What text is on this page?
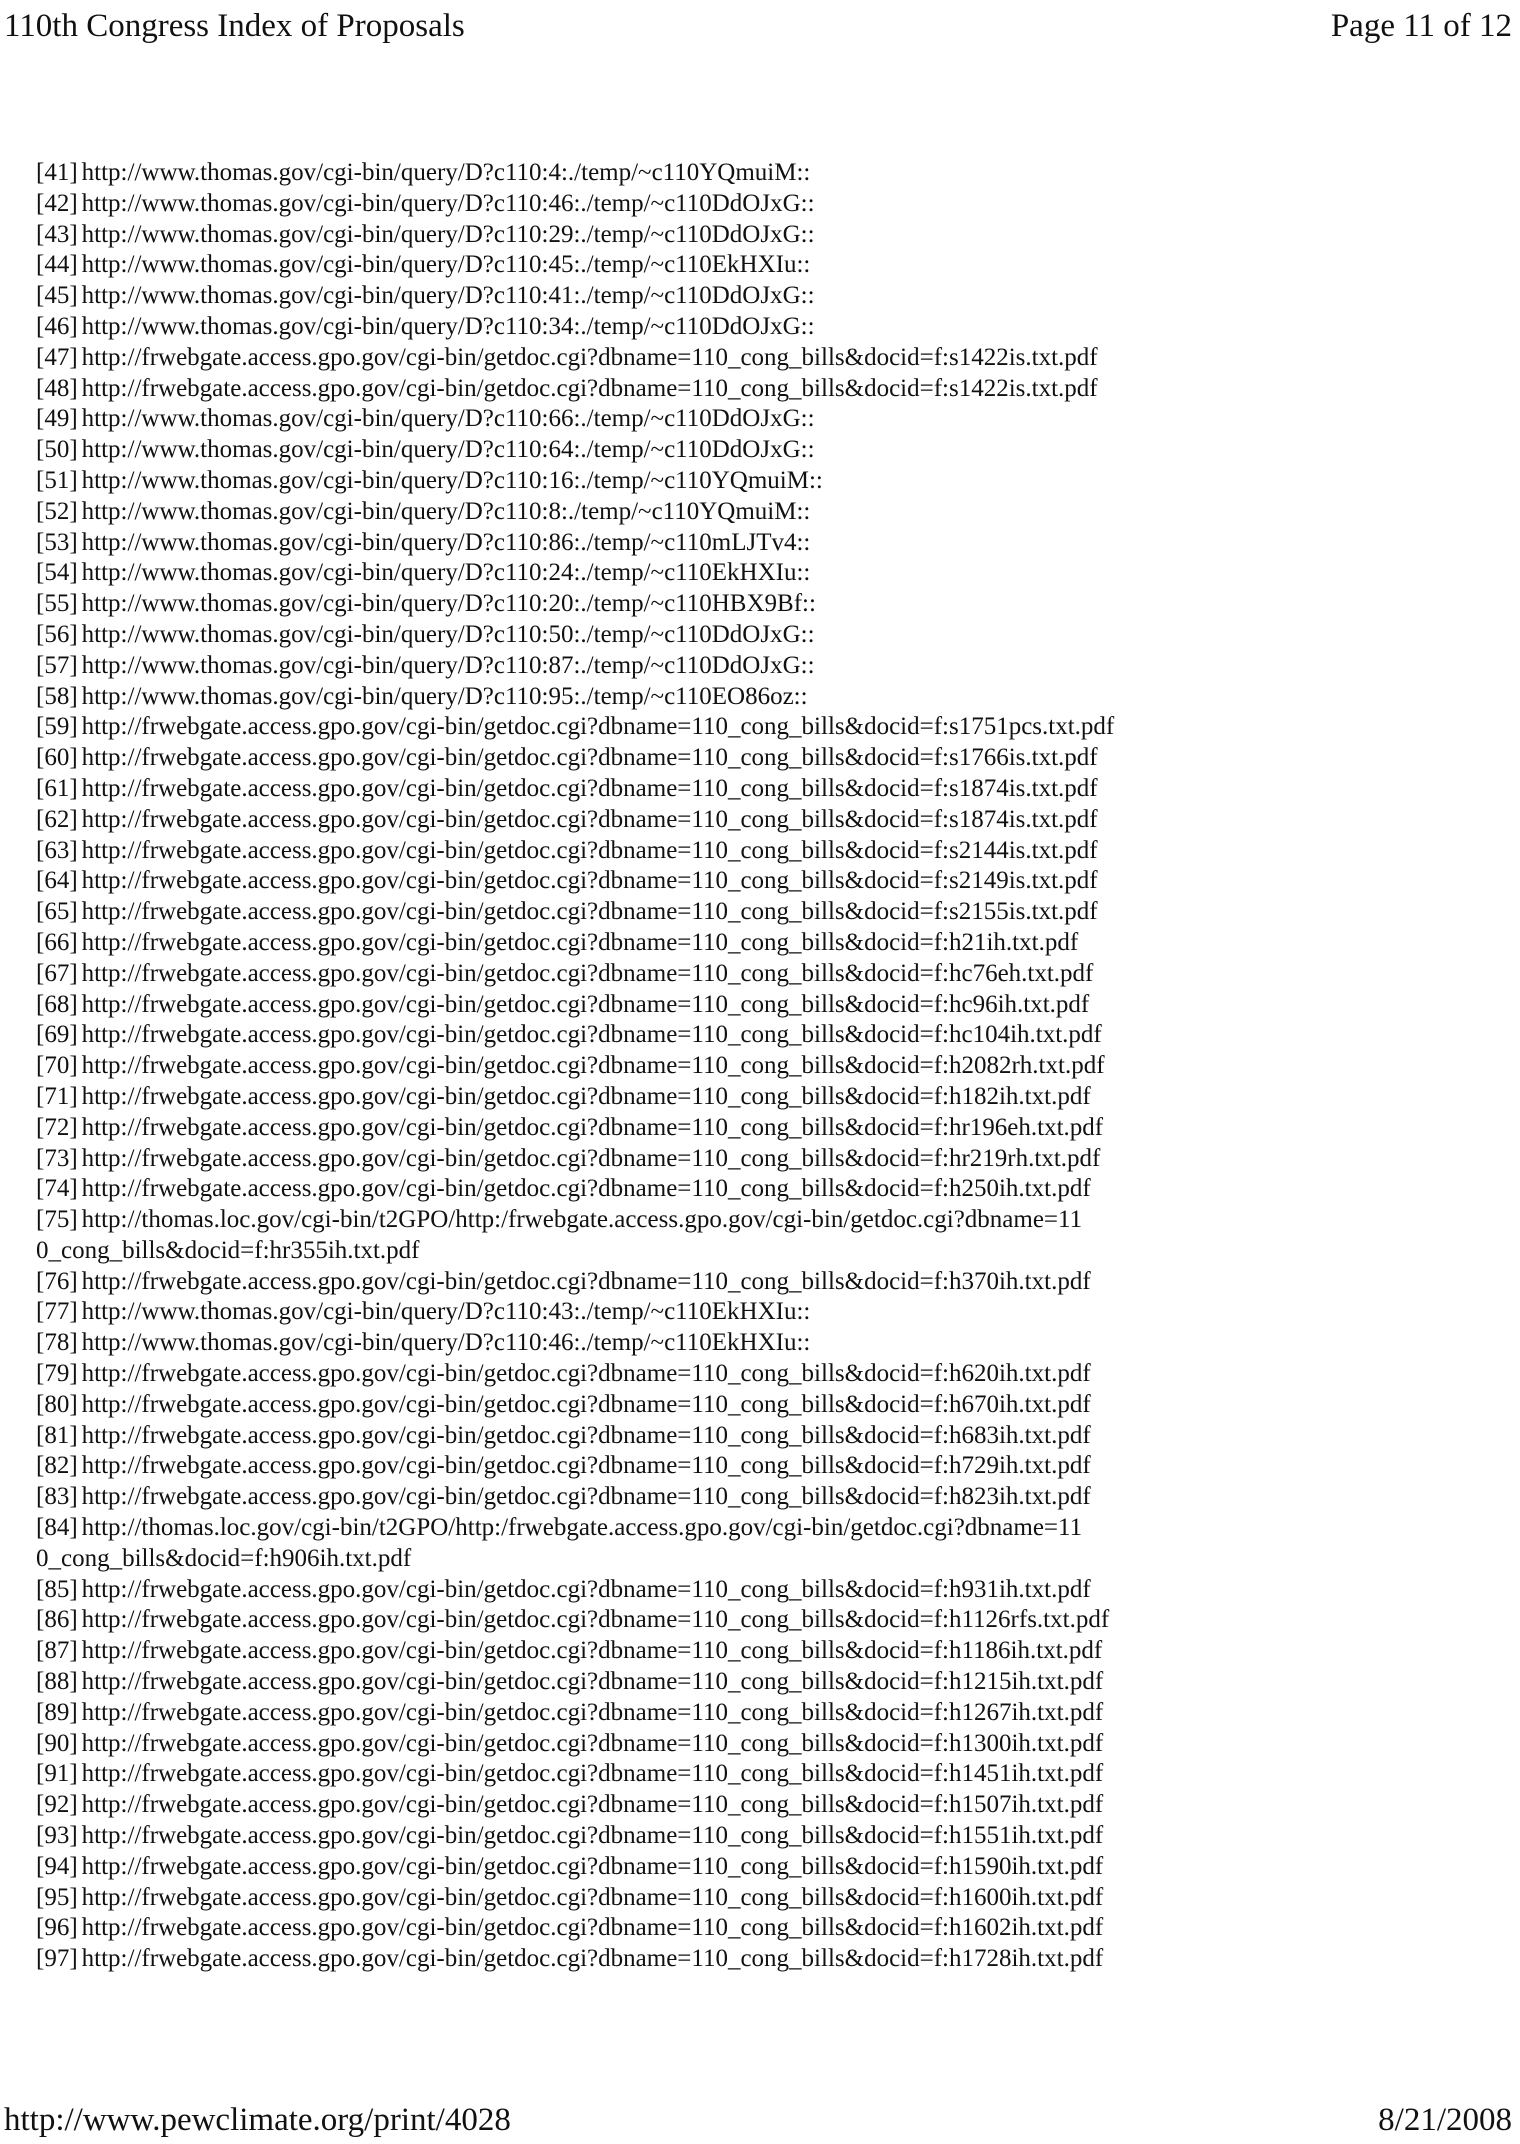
110th Congress Index of Proposals	Page 11 of 12
[41] http://www.thomas.gov/cgi-bin/query/D?c110:4:./temp/~c110YQmuiM::
[42] http://www.thomas.gov/cgi-bin/query/D?c110:46:./temp/~c110DdOJxG::
[43] http://www.thomas.gov/cgi-bin/query/D?c110:29:./temp/~c110DdOJxG::
[44] http://www.thomas.gov/cgi-bin/query/D?c110:45:./temp/~c110EkHXIu::
[45] http://www.thomas.gov/cgi-bin/query/D?c110:41:./temp/~c110DdOJxG::
[46] http://www.thomas.gov/cgi-bin/query/D?c110:34:./temp/~c110DdOJxG::
[47] http://frwebgate.access.gpo.gov/cgi-bin/getdoc.cgi?dbname=110_cong_bills&docid=f:s1422is.txt.pdf
[48] http://frwebgate.access.gpo.gov/cgi-bin/getdoc.cgi?dbname=110_cong_bills&docid=f:s1422is.txt.pdf
[49] http://www.thomas.gov/cgi-bin/query/D?c110:66:./temp/~c110DdOJxG::
[50] http://www.thomas.gov/cgi-bin/query/D?c110:64:./temp/~c110DdOJxG::
[51] http://www.thomas.gov/cgi-bin/query/D?c110:16:./temp/~c110YQmuiM::
[52] http://www.thomas.gov/cgi-bin/query/D?c110:8:./temp/~c110YQmuiM::
[53] http://www.thomas.gov/cgi-bin/query/D?c110:86:./temp/~c110mLJTv4::
[54] http://www.thomas.gov/cgi-bin/query/D?c110:24:./temp/~c110EkHXIu::
[55] http://www.thomas.gov/cgi-bin/query/D?c110:20:./temp/~c110HBX9Bf::
[56] http://www.thomas.gov/cgi-bin/query/D?c110:50:./temp/~c110DdOJxG::
[57] http://www.thomas.gov/cgi-bin/query/D?c110:87:./temp/~c110DdOJxG::
[58] http://www.thomas.gov/cgi-bin/query/D?c110:95:./temp/~c110EO86oz::
[59] http://frwebgate.access.gpo.gov/cgi-bin/getdoc.cgi?dbname=110_cong_bills&docid=f:s1751pcs.txt.pdf
[60] http://frwebgate.access.gpo.gov/cgi-bin/getdoc.cgi?dbname=110_cong_bills&docid=f:s1766is.txt.pdf
[61] http://frwebgate.access.gpo.gov/cgi-bin/getdoc.cgi?dbname=110_cong_bills&docid=f:s1874is.txt.pdf
[62] http://frwebgate.access.gpo.gov/cgi-bin/getdoc.cgi?dbname=110_cong_bills&docid=f:s1874is.txt.pdf
[63] http://frwebgate.access.gpo.gov/cgi-bin/getdoc.cgi?dbname=110_cong_bills&docid=f:s2144is.txt.pdf
[64] http://frwebgate.access.gpo.gov/cgi-bin/getdoc.cgi?dbname=110_cong_bills&docid=f:s2149is.txt.pdf
[65] http://frwebgate.access.gpo.gov/cgi-bin/getdoc.cgi?dbname=110_cong_bills&docid=f:s2155is.txt.pdf
[66] http://frwebgate.access.gpo.gov/cgi-bin/getdoc.cgi?dbname=110_cong_bills&docid=f:h21ih.txt.pdf
[67] http://frwebgate.access.gpo.gov/cgi-bin/getdoc.cgi?dbname=110_cong_bills&docid=f:hc76eh.txt.pdf
[68] http://frwebgate.access.gpo.gov/cgi-bin/getdoc.cgi?dbname=110_cong_bills&docid=f:hc96ih.txt.pdf
[69] http://frwebgate.access.gpo.gov/cgi-bin/getdoc.cgi?dbname=110_cong_bills&docid=f:hc104ih.txt.pdf
[70] http://frwebgate.access.gpo.gov/cgi-bin/getdoc.cgi?dbname=110_cong_bills&docid=f:h2082rh.txt.pdf
[71] http://frwebgate.access.gpo.gov/cgi-bin/getdoc.cgi?dbname=110_cong_bills&docid=f:h182ih.txt.pdf
[72] http://frwebgate.access.gpo.gov/cgi-bin/getdoc.cgi?dbname=110_cong_bills&docid=f:hr196eh.txt.pdf
[73] http://frwebgate.access.gpo.gov/cgi-bin/getdoc.cgi?dbname=110_cong_bills&docid=f:hr219rh.txt.pdf
[74] http://frwebgate.access.gpo.gov/cgi-bin/getdoc.cgi?dbname=110_cong_bills&docid=f:h250ih.txt.pdf
[75] http://thomas.loc.gov/cgi-bin/t2GPO/http:/frwebgate.access.gpo.gov/cgi-bin/getdoc.cgi?dbname=110_cong_bills&docid=f:hr355ih.txt.pdf
[76] http://frwebgate.access.gpo.gov/cgi-bin/getdoc.cgi?dbname=110_cong_bills&docid=f:h370ih.txt.pdf
[77] http://www.thomas.gov/cgi-bin/query/D?c110:43:./temp/~c110EkHXIu::
[78] http://www.thomas.gov/cgi-bin/query/D?c110:46:./temp/~c110EkHXIu::
[79] http://frwebgate.access.gpo.gov/cgi-bin/getdoc.cgi?dbname=110_cong_bills&docid=f:h620ih.txt.pdf
[80] http://frwebgate.access.gpo.gov/cgi-bin/getdoc.cgi?dbname=110_cong_bills&docid=f:h670ih.txt.pdf
[81] http://frwebgate.access.gpo.gov/cgi-bin/getdoc.cgi?dbname=110_cong_bills&docid=f:h683ih.txt.pdf
[82] http://frwebgate.access.gpo.gov/cgi-bin/getdoc.cgi?dbname=110_cong_bills&docid=f:h729ih.txt.pdf
[83] http://frwebgate.access.gpo.gov/cgi-bin/getdoc.cgi?dbname=110_cong_bills&docid=f:h823ih.txt.pdf
[84] http://thomas.loc.gov/cgi-bin/t2GPO/http:/frwebgate.access.gpo.gov/cgi-bin/getdoc.cgi?dbname=110_cong_bills&docid=f:h906ih.txt.pdf
[85] http://frwebgate.access.gpo.gov/cgi-bin/getdoc.cgi?dbname=110_cong_bills&docid=f:h931ih.txt.pdf
[86] http://frwebgate.access.gpo.gov/cgi-bin/getdoc.cgi?dbname=110_cong_bills&docid=f:h1126rfs.txt.pdf
[87] http://frwebgate.access.gpo.gov/cgi-bin/getdoc.cgi?dbname=110_cong_bills&docid=f:h1186ih.txt.pdf
[88] http://frwebgate.access.gpo.gov/cgi-bin/getdoc.cgi?dbname=110_cong_bills&docid=f:h1215ih.txt.pdf
[89] http://frwebgate.access.gpo.gov/cgi-bin/getdoc.cgi?dbname=110_cong_bills&docid=f:h1267ih.txt.pdf
[90] http://frwebgate.access.gpo.gov/cgi-bin/getdoc.cgi?dbname=110_cong_bills&docid=f:h1300ih.txt.pdf
[91] http://frwebgate.access.gpo.gov/cgi-bin/getdoc.cgi?dbname=110_cong_bills&docid=f:h1451ih.txt.pdf
[92] http://frwebgate.access.gpo.gov/cgi-bin/getdoc.cgi?dbname=110_cong_bills&docid=f:h1507ih.txt.pdf
[93] http://frwebgate.access.gpo.gov/cgi-bin/getdoc.cgi?dbname=110_cong_bills&docid=f:h1551ih.txt.pdf
[94] http://frwebgate.access.gpo.gov/cgi-bin/getdoc.cgi?dbname=110_cong_bills&docid=f:h1590ih.txt.pdf
[95] http://frwebgate.access.gpo.gov/cgi-bin/getdoc.cgi?dbname=110_cong_bills&docid=f:h1600ih.txt.pdf
[96] http://frwebgate.access.gpo.gov/cgi-bin/getdoc.cgi?dbname=110_cong_bills&docid=f:h1602ih.txt.pdf
[97] http://frwebgate.access.gpo.gov/cgi-bin/getdoc.cgi?dbname=110_cong_bills&docid=f:h1728ih.txt.pdf
http://www.pewclimate.org/print/4028	8/21/2008
